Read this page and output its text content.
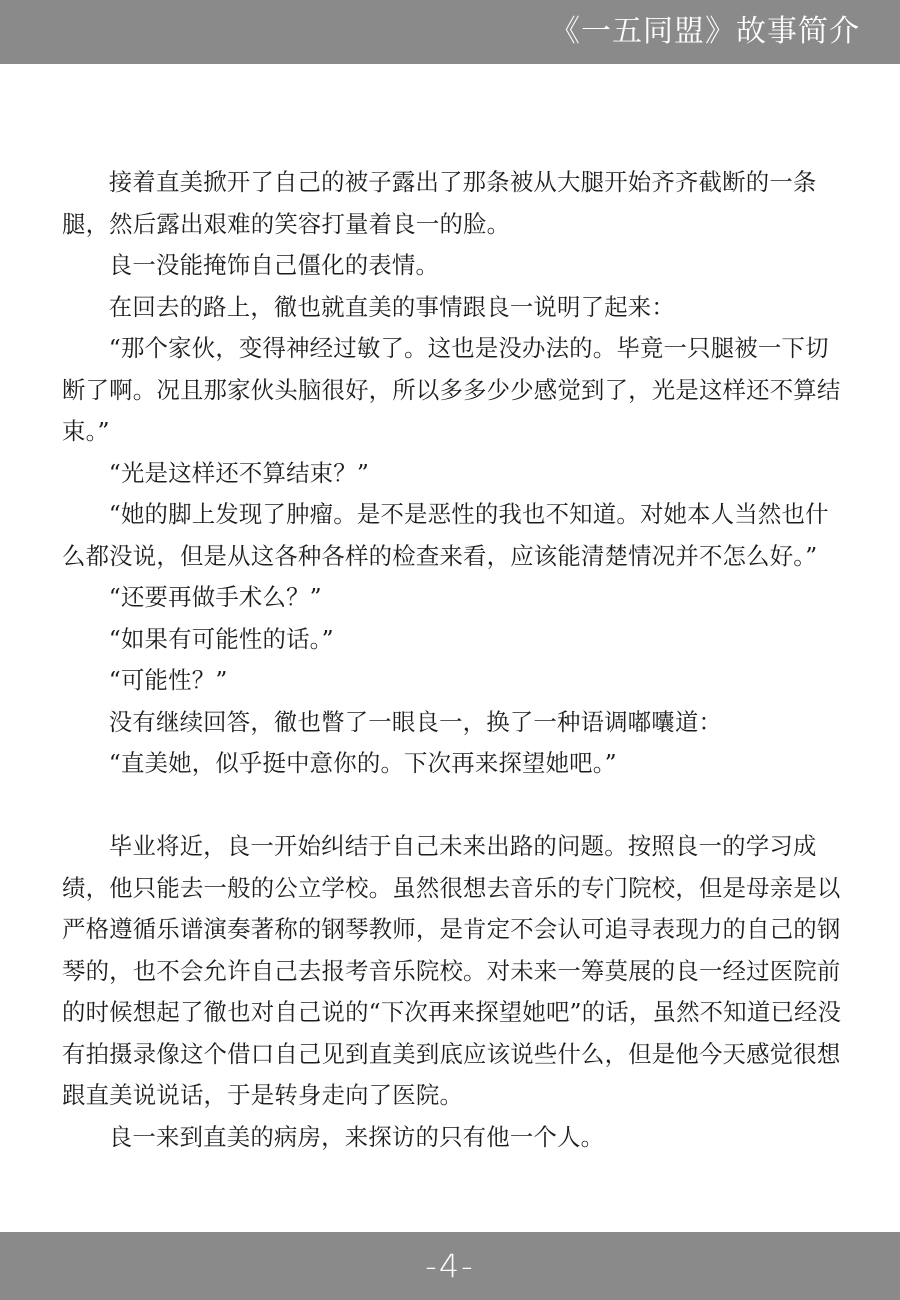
《一五同盟》故事简介

接着直美掀开了自己的被子露出了那条被从大腿开始齐齐截断的一条腿，然后露出艰难的笑容打量着良一的脸。

良一没能掩饰自己僵化的表情。

在回去的路上，徹也就直美的事情跟良一说明了起来：

“那个家伙，变得神经过敏了。这也是没办法的。毕竟一只腿被一下切断了啊。况且那家伙头脑很好，所以多多少少感觉到了，光是这样还不算结束。”

“光是这样还不算结束？”

“她的脚上发现了肿瘤。是不是恶性的我也不知道。对她本人当然也什么都没说，但是从这各种各样的检查来看，应该能清楚情况并不怎么好。”

“还要再做手术么？”

“如果有可能性的话。”

“可能性？”

没有继续回答，徹也瞥了一眼良一，换了一种语调嘟囔道：

“直美她，似乎挺中意你的。下次再来探望她吧。”

毕业将近，良一开始纠结于自己未来出路的问题。按照良一的学习成绩，他只能去一般的公立学校。虽然很想去音乐的专门院校，但是母亲是以严格遵循乐谱演奏著称的钢琴教师，是肯定不会认可追寻表现力的自己的钢琴的，也不会允许自己去报考音乐院校。对未来一筹莫展的良一经过医院前的时候想起了徹也对自己说的“下次再来探望她吧”的话，虽然不知道已经没有拍摄录像这个借口自己见到直美到底应该说些什么，但是他今天感觉很想跟直美说说话，于是转身走向了医院。

良一来到直美的病房，来探访的只有他一个人。

-4-
